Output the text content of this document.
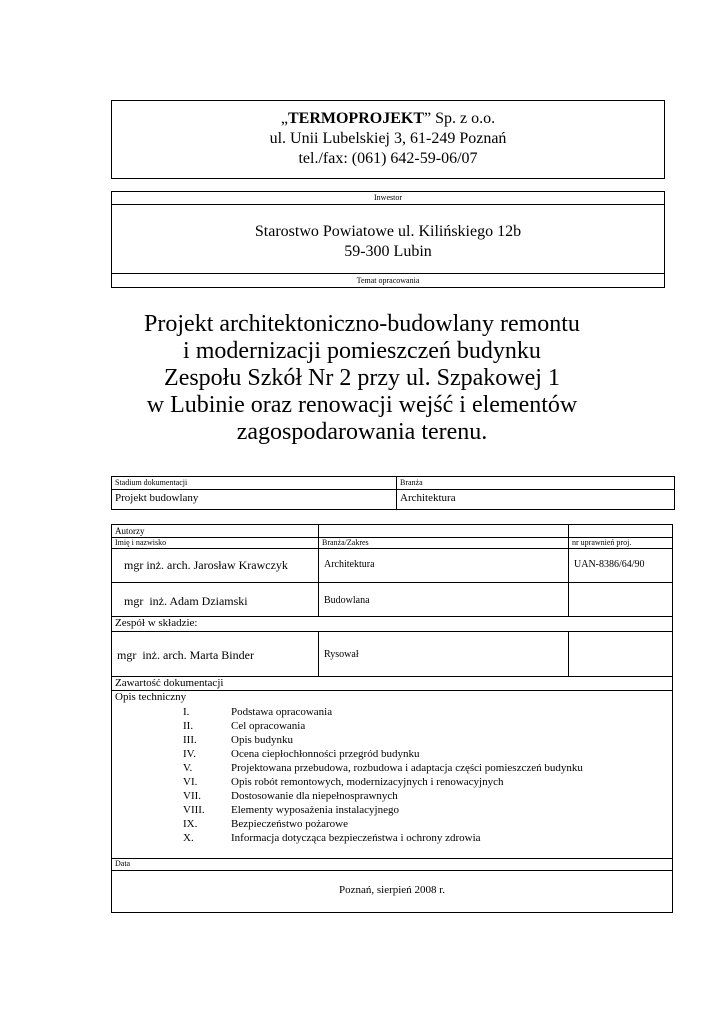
„TERMOPROJEKT” Sp. z o.o.
ul. Unii Lubelskiej 3, 61-249 Poznań
tel./fax: (061) 642-59-06/07
Inwestor
Starostwo Powiatowe ul. Kilińskiego 12b
59-300 Lubin
Temat opracowania
Projekt architektoniczno-budowlany remontu
i modernizacji pomieszczeń budynku
Zespołu Szkół Nr 2 przy ul. Szpakowej 1
w Lubinie oraz renowacji wejść i elementów
zagospodarowania terenu.
Stadium dokumentacji	Branża
Projekt budowlany	Architektura
Autorzy
Imię i nazwisko	Branża/Zakres	nr uprawnień proj.
mgr inż. arch. Jarosław Krawczyk	Architektura	UAN-8386/64/90
mgr  inż. Adam Dziamski	Budowlana
Zespół w składzie:
mgr  inż. arch. Marta Binder	Rysował
Zawartość dokumentacji
Opis techniczny
I.	Podstawa opracowania
II.	Cel opracowania
III.	Opis budynku
IV.	Ocena ciepłochłonności przegród budynku
V.	Projektowana przebudowa, rozbudowa i adaptacja części pomieszczeń budynku
VI.	Opis robót remontowych, modernizacyjnych i renowacyjnych
VII.	Dostosowanie dla niepełnosprawnych
VIII.	Elementy wyposażenia instalacyjnego
IX.	Bezpieczeństwo pożarowe
X.	Informacja dotycząca bezpieczeństwa i ochrony zdrowia
Data
Poznań, sierpień 2008 r.
